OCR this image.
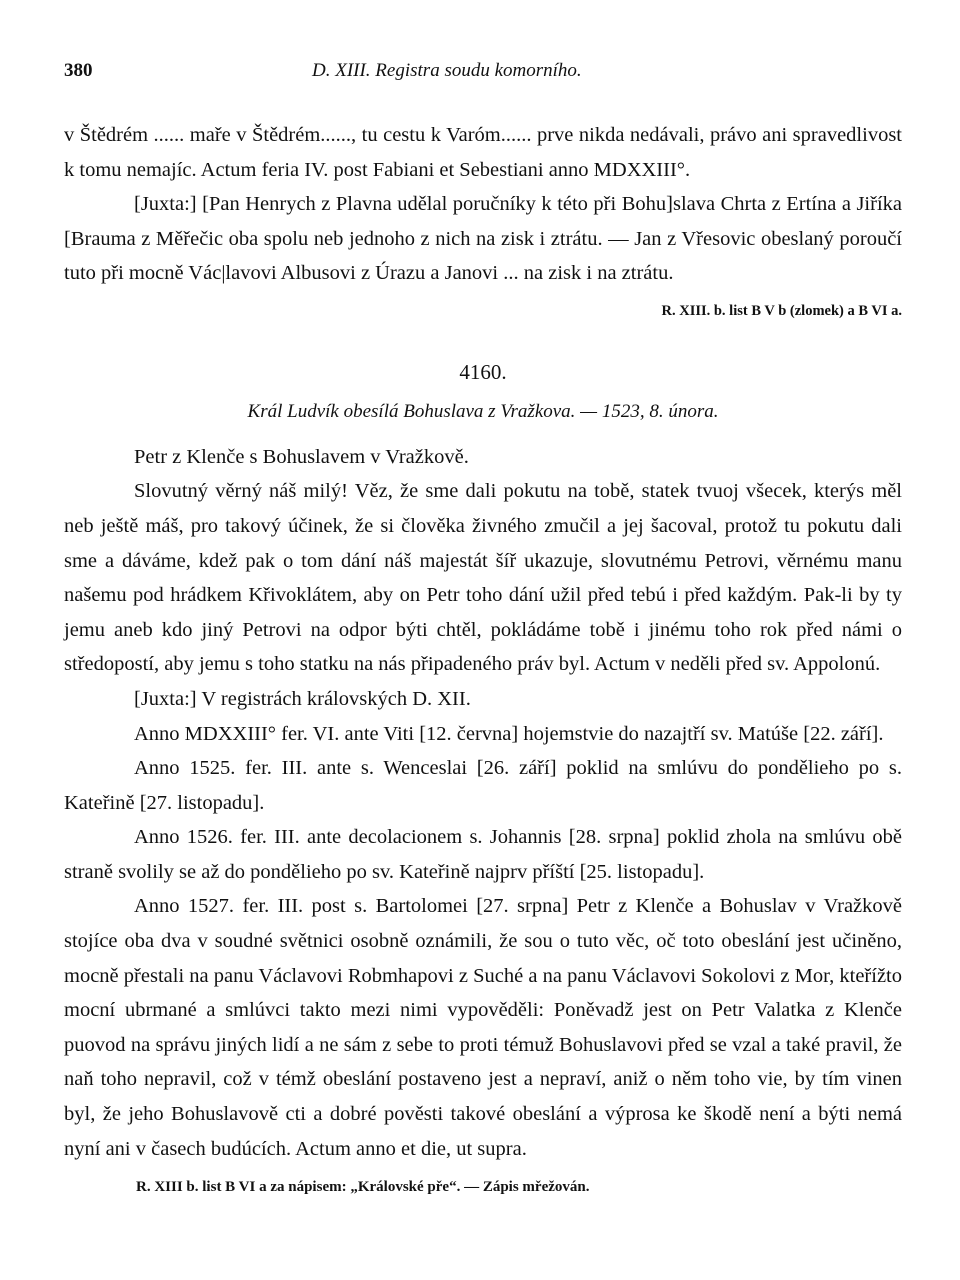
380	D. XIII. Registra soudu komorního.

v Štědrém ...... maře v Štědrém......, tu cestu k Varóm...... prve nikda nedávali, právo ani spravedlivost k tomu nemajíc. Actum feria IV. post Fabiani et Sebestiani anno MDXXIII°.

[Juxta:] [Pan Henrych z Plavna udělal poručníky k této při Bohu]slava Chrta z Ertína a Jiříka [Brauma z Měřečic oba spolu neb jednoho z nich na zisk i ztrátu. — Jan z Vřesovic obeslaný poroučí tuto při mocně Vác|lavovi Albusovi z Úrazu a Janovi ... na zisk i na ztrátu.
R. XIII. b. list B V b (zlomek) a B VI a.

4160.
Král Ludvík obesílá Bohuslava z Vražkova. — 1523, 8. února.

Petr z Klenče s Bohuslavem v Vražkově.

Slovutný věrný náš milý! Věz, že sme dali pokutu na tobě, statek tvuoj všecek, kterýs měl neb ještě máš, pro takový účinek, že si člověka živného zmučil a jej šacoval, protož tu pokutu dali sme a dáváme, kdež pak o tom dání náš majestát šíř ukazuje, slovutnému Petrovi, věrnému manu našemu pod hrádkem Křivoklátem, aby on Petr toho dání užil před tebú i před každým. Pak-li by ty jemu aneb kdo jiný Petrovi na odpor býti chtěl, pokládáme tobě i jinému toho rok před námi o středopostí, aby jemu s toho statku na nás připadeného práv byl. Actum v neděli před sv. Appolonú.

[Juxta:] V registrách královských D. XII.

Anno MDXXIII° fer. VI. ante Viti [12. června] hojemstvie do nazajtří sv. Matúše [22. září].

Anno 1525. fer. III. ante s. Wenceslai [26. září] poklid na smlúvu do pondělieho po s. Kateřině [27. listopadu].

Anno 1526. fer. III. ante decolacionem s. Johannis [28. srpna] poklid zhola na smlúvu obě straně svolily se až do pondělieho po sv. Kateřině najprv příští [25. listopadu].

Anno 1527. fer. III. post s. Bartolomei [27. srpna] Petr z Klenče a Bohuslav v Vražkově stojíce oba dva v soudné světnici osobně oznámili, že sou o tuto věc, oč toto obeslání jest učiněno, mocně přestali na panu Václavovi Robmhapovi z Suché a na panu Václavovi Sokolovi z Mor, kteřížto mocní ubrmané a smlúvci takto mezi nimi vypověděli: Poněvadž jest on Petr Valatka z Klenče puovod na správu jiných lidí a ne sám z sebe to proti témuž Bohuslavovi před se vzal a také pravil, že naň toho nepravil, což v témž obeslání postaveno jest a nepraví, aniž o něm toho vie, by tím vinen byl, že jeho Bohuslavově cti a dobré pověsti takové obeslání a výprosa ke škodě není a býti nemá nyní ani v časech budúcích. Actum anno et die, ut supra.

R. XIII b. list B VI a za nápisem: „Královské pře“. — Zápis mřežován.
